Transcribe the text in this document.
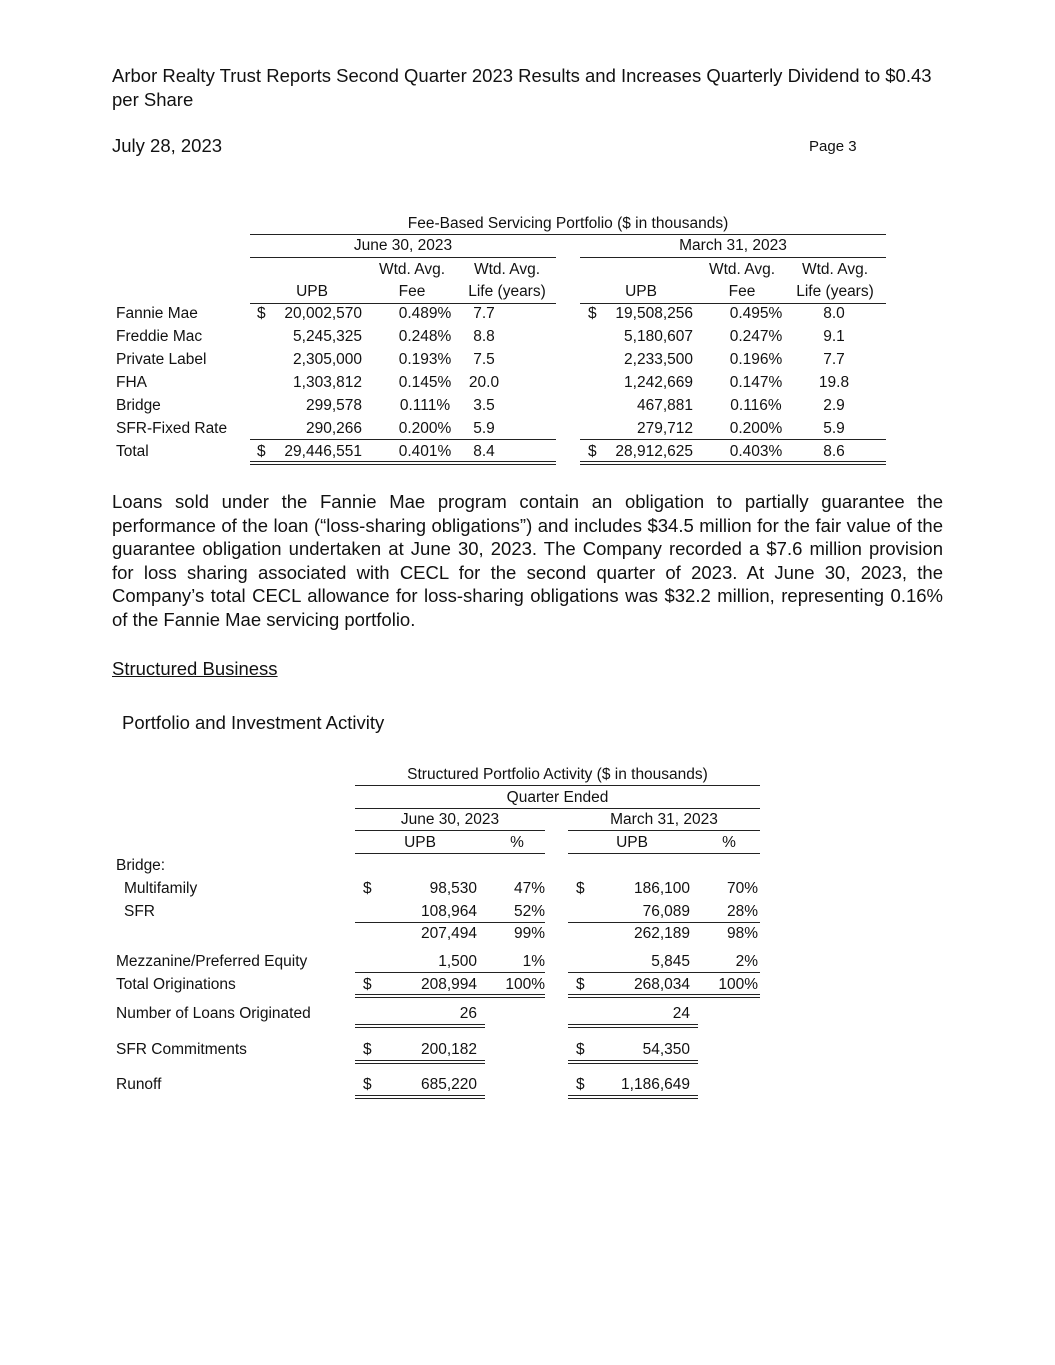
Arbor Realty Trust Reports Second Quarter 2023 Results and Increases Quarterly Dividend to $0.43 per Share
July 28, 2023	Page 3
Fee-Based Servicing Portfolio ($ in thousands)
June 30, 2023	March 31, 2023
Wtd. Avg.	Wtd. Avg.
UPB	Fee	Life (years)
Wtd. Avg.	Wtd. Avg.
UPB	Fee	Life (years)
Fannie Mae	$	20,002,570	0.489%	7.7	$	19,508,256	0.495%	8.0
Freddie Mac	5,245,325	0.248%	8.8	5,180,607	0.247%	9.1
Private Label	2,305,000	0.193%	7.5	2,233,500	0.196%	7.7
FHA	1,303,812	0.145%	20.0	1,242,669	0.147%	19.8
Bridge	299,578	0.111%	3.5	467,881	0.116%	2.9
SFR-Fixed Rate	290,266	0.200%	5.9	279,712	0.200%	5.9
Total	$	29,446,551	0.401%	8.4	$	28,912,625	0.403%	8.6
Loans sold under the Fannie Mae program contain an obligation to partially guarantee the performance of the loan (“loss-sharing obligations”) and includes $34.5 million for the fair value of the guarantee obligation undertaken at June 30, 2023. The Company recorded a $7.6 million provision for loss sharing associated with CECL for the second quarter of 2023. At June 30, 2023, the Company’s total CECL allowance for loss-sharing obligations was $32.2 million, representing 0.16% of the Fannie Mae servicing portfolio.
Structured Business
Portfolio and Investment Activity
Structured Portfolio Activity ($ in thousands)
Quarter Ended
June 30, 2023	March 31, 2023
UPB	%	UPB	%
Bridge:
Multifamily	$	98,530	47% $	186,100	70%
SFR	108,964	52%	76,089	28%
207,494	99%	262,189	98%
Mezzanine/Preferred Equity	1,500	1%	5,845	2%
Total Originations	$	208,994	100% $	268,034	100%
Number of Loans Originated	26	24
SFR Commitments	$	200,182	$	54,350
Runoff	$	685,220	$	1,186,649
